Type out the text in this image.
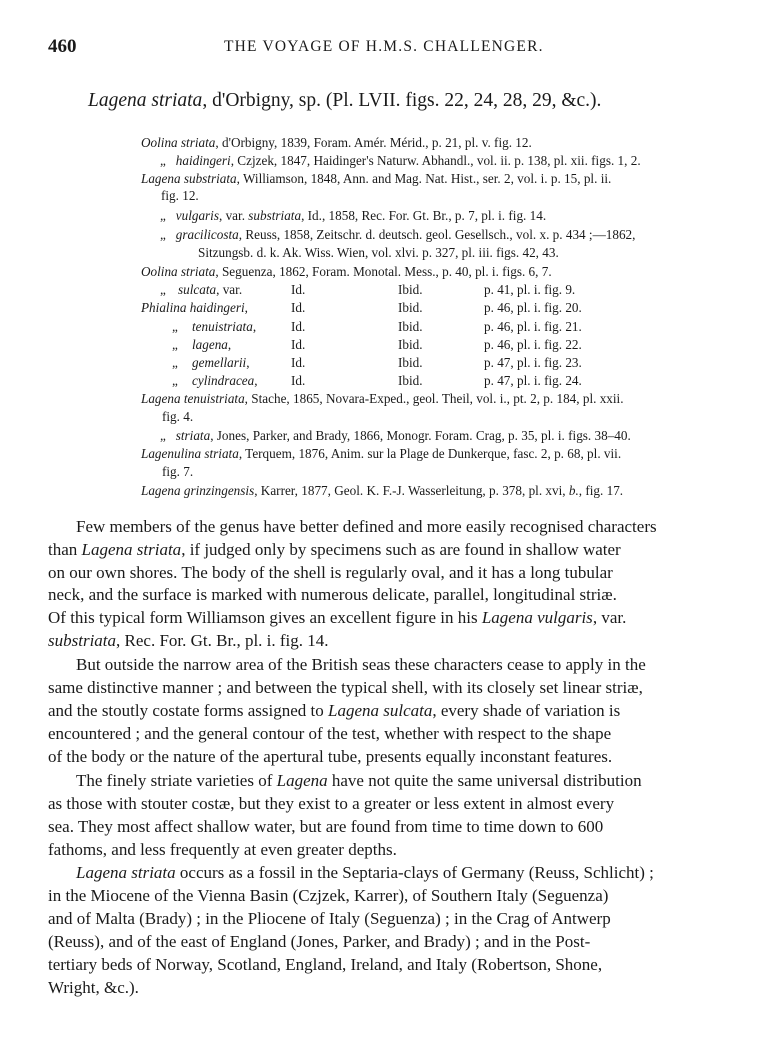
460	THE VOYAGE OF H.M.S. CHALLENGER.
Lagena striata, d'Orbigny, sp. (Pl. LVII. figs. 22, 24, 28, 29, &c.).
Oolina striata, d'Orbigny, 1839, Foram. Amér. Mérid., p. 21, pl. v. fig. 12.
„ haidingeri, Czjzek, 1847, Haidinger's Naturw. Abhandl., vol. ii. p. 138, pl. xii. figs. 1, 2.
Lagena substriata, Williamson, 1848, Ann. and Mag. Nat. Hist., ser. 2, vol. i. p. 15, pl. ii.
fig. 12.
„ vulgaris, var. substriata, Id., 1858, Rec. For. Gt. Br., p. 7, pl. i. fig. 14.
„ gracilicosta, Reuss, 1858, Zeitschr. d. deutsch. geol. Gesellsch., vol. x. p. 434 ;—1862,
Sitzungsb. d. k. Ak. Wiss. Wien, vol. xlvi. p. 327, pl. iii. figs. 42, 43.
Oolina striata, Seguenza, 1862, Foram. Monotal. Mess., p. 40, pl. i. figs. 6, 7.
„ sulcata, var.	Id.	Ibid.	p. 41, pl. i. fig. 9.
Phialina haidingeri,	Id.	Ibid.	p. 46, pl. i. fig. 20.
„ tenuistriata,	Id.	Ibid.	p. 46, pl. i. fig. 21.
„ lagena,	Id.	Ibid.	p. 46, pl. i. fig. 22.
„ gemellarii,	Id.	Ibid.	p. 47, pl. i. fig. 23.
„ cylindracea,	Id.	Ibid.	p. 47, pl. i. fig. 24.
Lagena tenuistriata, Stache, 1865, Novara-Exped., geol. Theil, vol. i., pt. 2, p. 184, pl. xxii.
fig. 4.
„ striata, Jones, Parker, and Brady, 1866, Monogr. Foram. Crag, p. 35, pl. i. figs. 38–40.
Lagenulina striata, Terquem, 1876, Anim. sur la Plage de Dunkerque, fasc. 2, p. 68, pl. vii.
fig. 7.
Lagena grinzingensis, Karrer, 1877, Geol. K. F.-J. Wasserleitung, p. 378, pl. xvi, b., fig. 17.
Few members of the genus have better defined and more easily recognised characters
than Lagena striata, if judged only by specimens such as are found in shallow water
on our own shores. The body of the shell is regularly oval, and it has a long tubular
neck, and the surface is marked with numerous delicate, parallel, longitudinal striæ.
Of this typical form Williamson gives an excellent figure in his Lagena vulgaris, var.
substriata, Rec. For. Gt. Br., pl. i. fig. 14.
But outside the narrow area of the British seas these characters cease to apply in the
same distinctive manner ; and between the typical shell, with its closely set linear striæ,
and the stoutly costate forms assigned to Lagena sulcata, every shade of variation is
encountered ; and the general contour of the test, whether with respect to the shape
of the body or the nature of the apertural tube, presents equally inconstant features.
The finely striate varieties of Lagena have not quite the same universal distribution
as those with stouter costæ, but they exist to a greater or less extent in almost every
sea. They most affect shallow water, but are found from time to time down to 600
fathoms, and less frequently at even greater depths.
Lagena striata occurs as a fossil in the Septaria-clays of Germany (Reuss, Schlicht) ;
in the Miocene of the Vienna Basin (Czjzek, Karrer), of Southern Italy (Seguenza)
and of Malta (Brady) ; in the Pliocene of Italy (Seguenza) ; in the Crag of Antwerp
(Reuss), and of the east of England (Jones, Parker, and Brady) ; and in the Post-
tertiary beds of Norway, Scotland, England, Ireland, and Italy (Robertson, Shone,
Wright, &c.).
